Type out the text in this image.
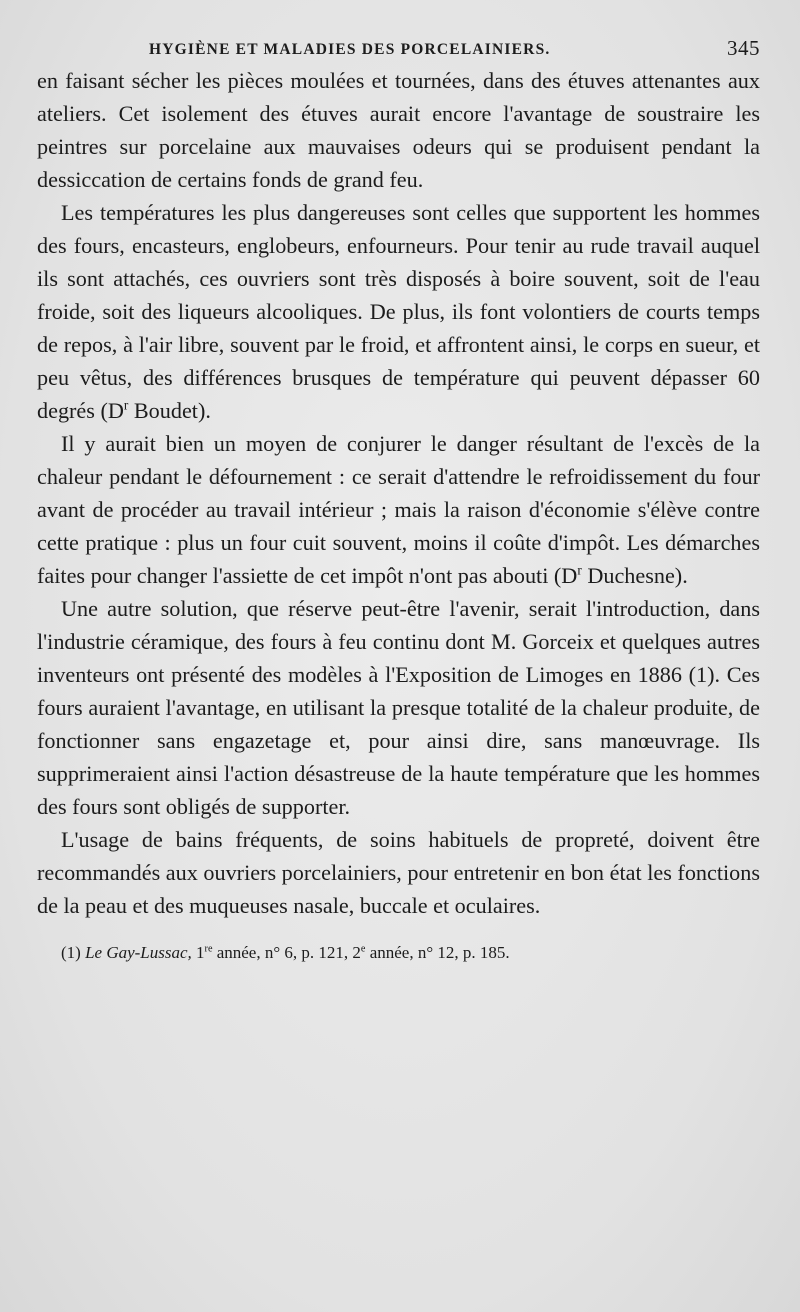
HYGIÈNE ET MALADIES DES PORCELAINIERS.	345

en faisant sécher les pièces moulées et tournées, dans des étuves attenantes aux ateliers. Cet isolement des étuves aurait encore l'avantage de soustraire les peintres sur porcelaine aux mauvaises odeurs qui se produisent pendant la dessiccation de certains fonds de grand feu.

Les températures les plus dangereuses sont celles que supportent les hommes des fours, encasteurs, englobeurs, enfourneurs. Pour tenir au rude travail auquel ils sont attachés, ces ouvriers sont très disposés à boire souvent, soit de l'eau froide, soit des liqueurs alcooliques. De plus, ils font volontiers de courts temps de repos, à l'air libre, souvent par le froid, et affrontent ainsi, le corps en sueur, et peu vêtus, des différences brusques de température qui peuvent dépasser 60 degrés ($D^r$ Boudet).

Il y aurait bien un moyen de conjurer le danger résultant de l'excès de la chaleur pendant le défournement : ce serait d'attendre le refroidissement du four avant de procéder au travail intérieur ; mais la raison d'économie s'élève contre cette pratique : plus un four cuit souvent, moins il coûte d'impôt. Les démarches faites pour changer l'assiette de cet impôt n'ont pas abouti ($D^r$ Duchesne).

Une autre solution, que réserve peut-être l'avenir, serait l'introduction, dans l'industrie céramique, des fours à feu continu dont M. Gorceix et quelques autres inventeurs ont présenté des modèles à l'Exposition de Limoges en 1886 (1). Ces fours auraient l'avantage, en utilisant la presque totalité de la chaleur produite, de fonctionner sans engazetage et, pour ainsi dire, sans manœuvrage. Ils supprimeraient ainsi l'action désastreuse de la haute température que les hommes des fours sont obligés de supporter.

L'usage de bains fréquents, de soins habituels de propreté, doivent être recommandés aux ouvriers porcelainiers, pour entretenir en bon état les fonctions de la peau et des muqueuses nasale, buccale et oculaires.

(1) Le Gay-Lussac, 1re année, n° 6, p. 121, 2e année, n° 12, p. 185.
